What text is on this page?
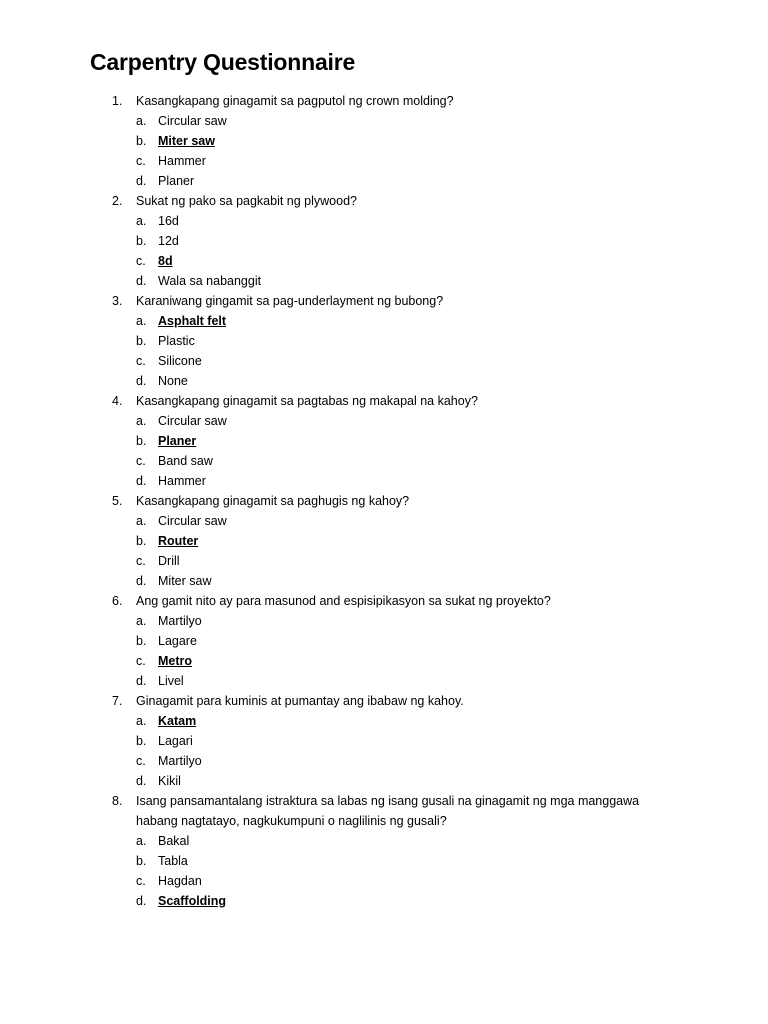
Carpentry Questionnaire
1. Kasangkapang ginagamit sa pagputol ng crown molding?
a. Circular saw
b. Miter saw
c. Hammer
d. Planer
2. Sukat ng pako sa pagkabit ng plywood?
a. 16d
b. 12d
c. 8d
d. Wala sa nabanggit
3. Karaniwang gingamit sa pag-underlayment ng bubong?
a. Asphalt felt
b. Plastic
c. Silicone
d. None
4. Kasangkapang ginagamit sa pagtabas ng makapal na kahoy?
a. Circular saw
b. Planer
c. Band saw
d. Hammer
5. Kasangkapang ginagamit sa paghugis ng kahoy?
a. Circular saw
b. Router
c. Drill
d. Miter saw
6. Ang gamit nito ay para masunod and espisipikasyon sa sukat ng proyekto?
a. Martilyo
b. Lagare
c. Metro
d. Livel
7. Ginagamit para kuminis at pumantay ang ibabaw ng kahoy.
a. Katam
b. Lagari
c. Martilyo
d. Kikil
8. Isang pansamantalang istraktura sa labas ng isang gusali na ginagamit ng mga manggawa habang nagtatayo, nagkukumpuni o naglilinis ng gusali?
a. Bakal
b. Tabla
c. Hagdan
d. Scaffolding
